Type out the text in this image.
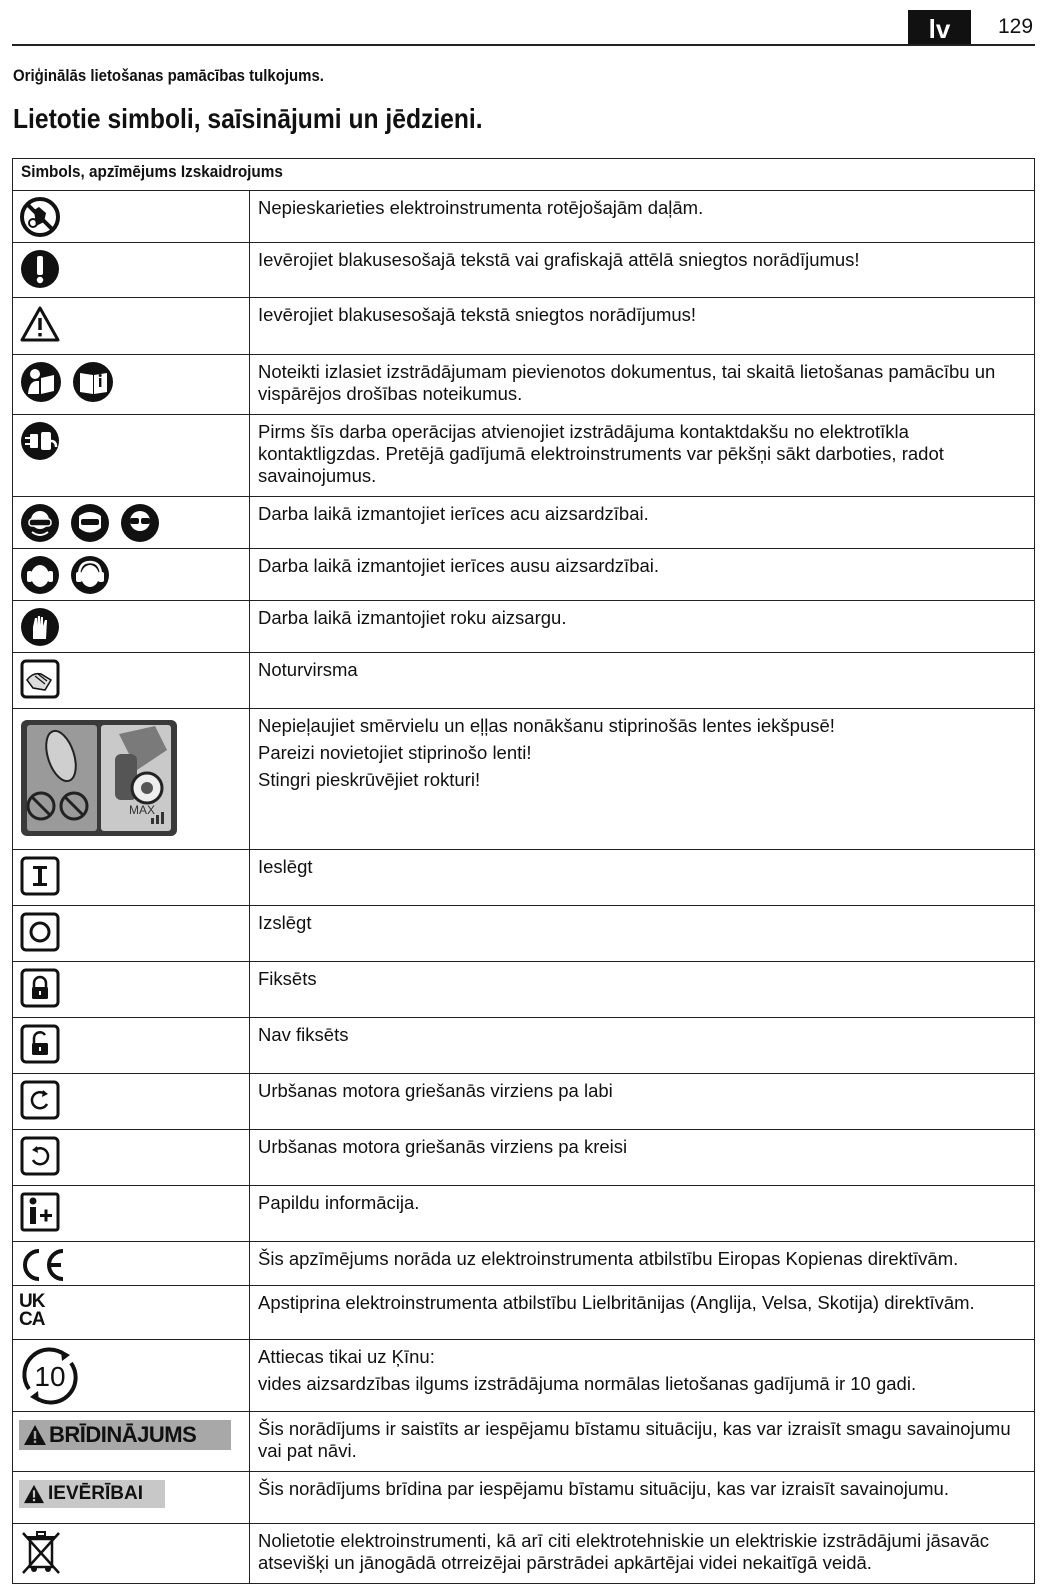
lv	129
Oriģinālās lietošanas pamācības tulkojums.
Lietotie simboli, saīsinājumi un jēdzieni.
Simbols, apzīmējums Izskaidrojums	

Nepieskarieties elektroinstrumenta rotējošajām daļām.

Ievērojiet blakusesošajā tekstā vai grafiskajā attēlā sniegtos norādījumus!

Ievērojiet blakusesošajā tekstā sniegtos norādījumus!

Noteikti izlasiet izstrādājumam pievienotos dokumentus, tai skaitā lietošanas pamācību un vispārējos drošības noteikumus.

Pirms šīs darba operācijas atvienojiet izstrādājuma kontaktdakšu no elektrotīkla kontaktligzdas. Pretējā gadījumā elektroinstruments var pēkšņi sākt darboties, radot savainojumus.

Darba laikā izmantojiet ierīces acu aizsardzībai.

Darba laikā izmantojiet ierīces ausu aizsardzībai.

Darba laikā izmantojiet roku aizsargu.

Noturvirsma

MAX	Nepieļaujiet smērvielu un eļļas nonākšanu stiprinošās lentes iekšpusē!

Pareizi novietojiet stiprinošo lenti!

Stingri pieskrūvējiet rokturi!

Ieslēgt

Izslēgt

Fiksēts

Nav fiksēts

Urbšanas motora griešanās virziens pa labi

Urbšanas motora griešanās virziens pa kreisi

Papildu informācija.

Šis apzīmējums norāda uz elektroinstrumenta atbilstību Eiropas Kopienas direktīvām.

UK
CA	Apstiprina elektroinstrumenta atbilstību Lielbritānijas (Anglija, Velsa, Skotija) direktīvām.

10	Attiecas tikai uz Ķīnu:

vides aizsardzības ilgums izstrādājuma normālas lietošanas gadījumā ir 10 gadi.

BRĪDINĀJUMS	Šis norādījums ir saistīts ar iespējamu bīstamu situāciju, kas var izraisīt smagu savainojumu vai pat nāvi.

IEVĒRĪBAI	Šis norādījums brīdina par iespējamu bīstamu situāciju, kas var izraisīt savainojumu.

Nolietotie elektroinstrumenti, kā arī citi elektrotehniskie un elektriskie izstrādājumi jāsavāc atsevišķi un jānogādā otrreizējai pārstrādei apkārtējai videi nekaitīgā veidā.
